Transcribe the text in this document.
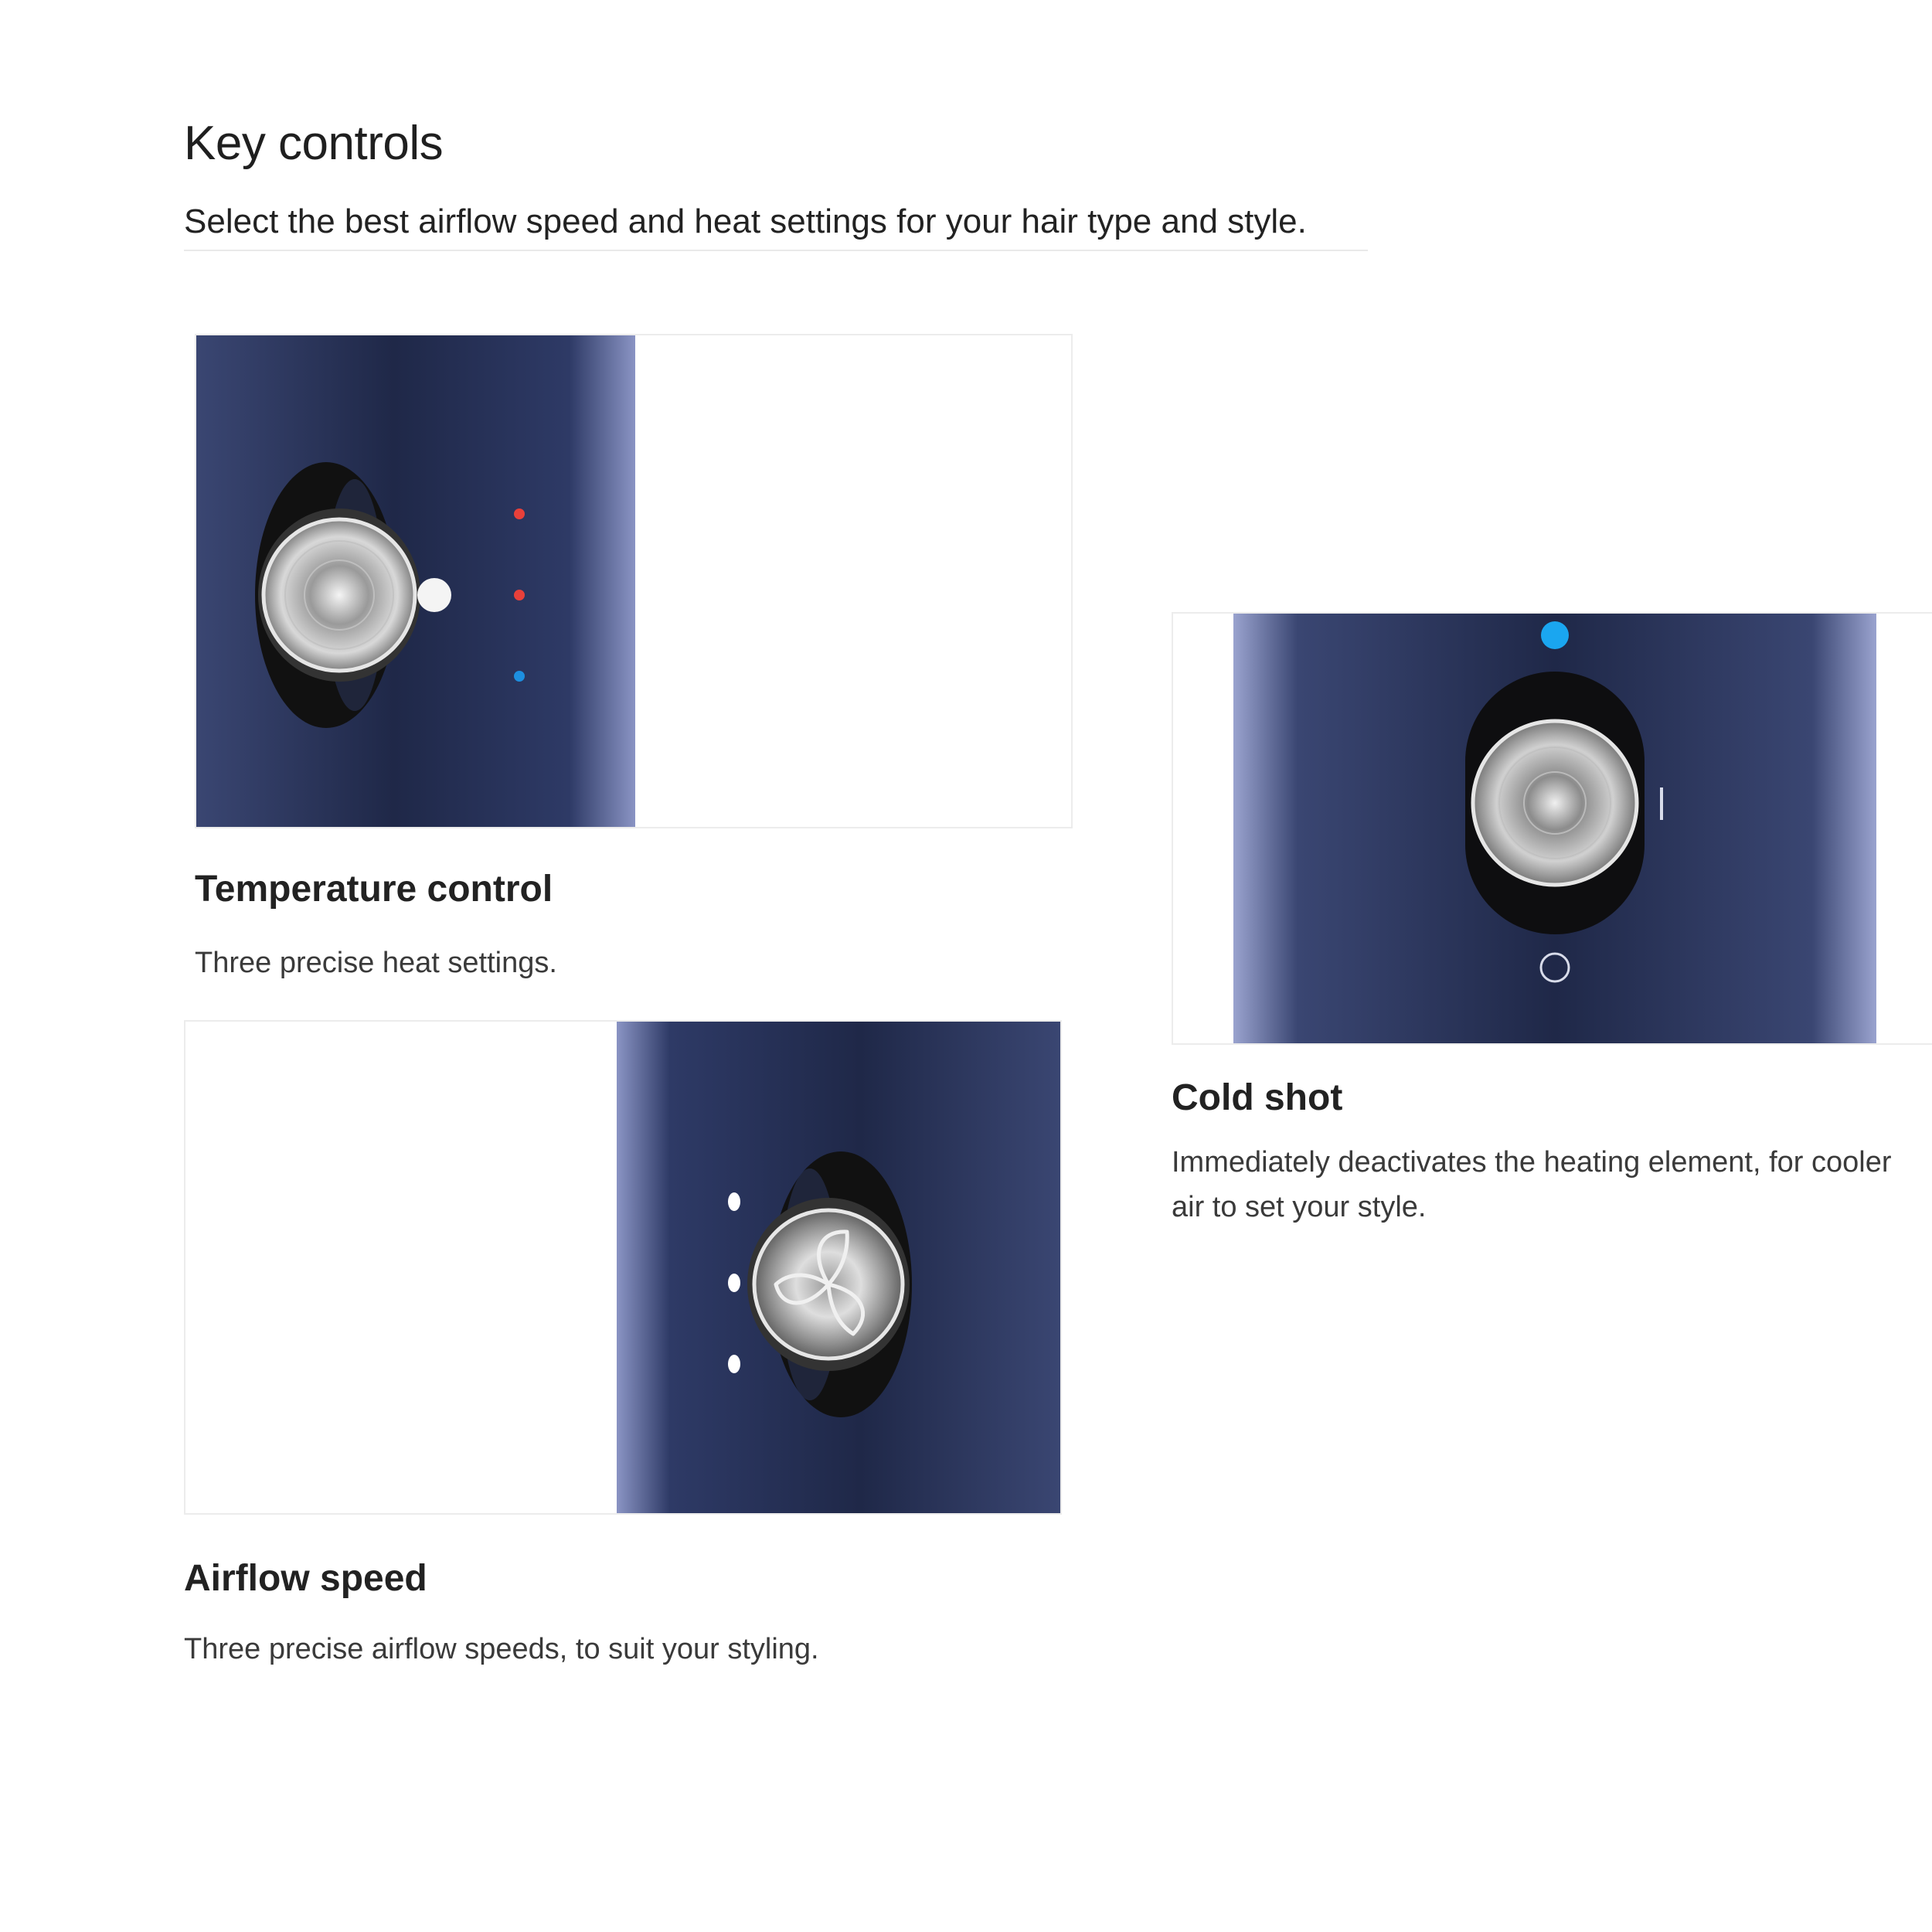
Key controls
Select the best airflow speed and heat settings for your hair type and style.
Temperature control
Three precise heat settings.
Airflow speed
Three precise airflow speeds, to suit your styling.
Cold shot
Immediately deactivates the heating element, for cooler air to set your style.
